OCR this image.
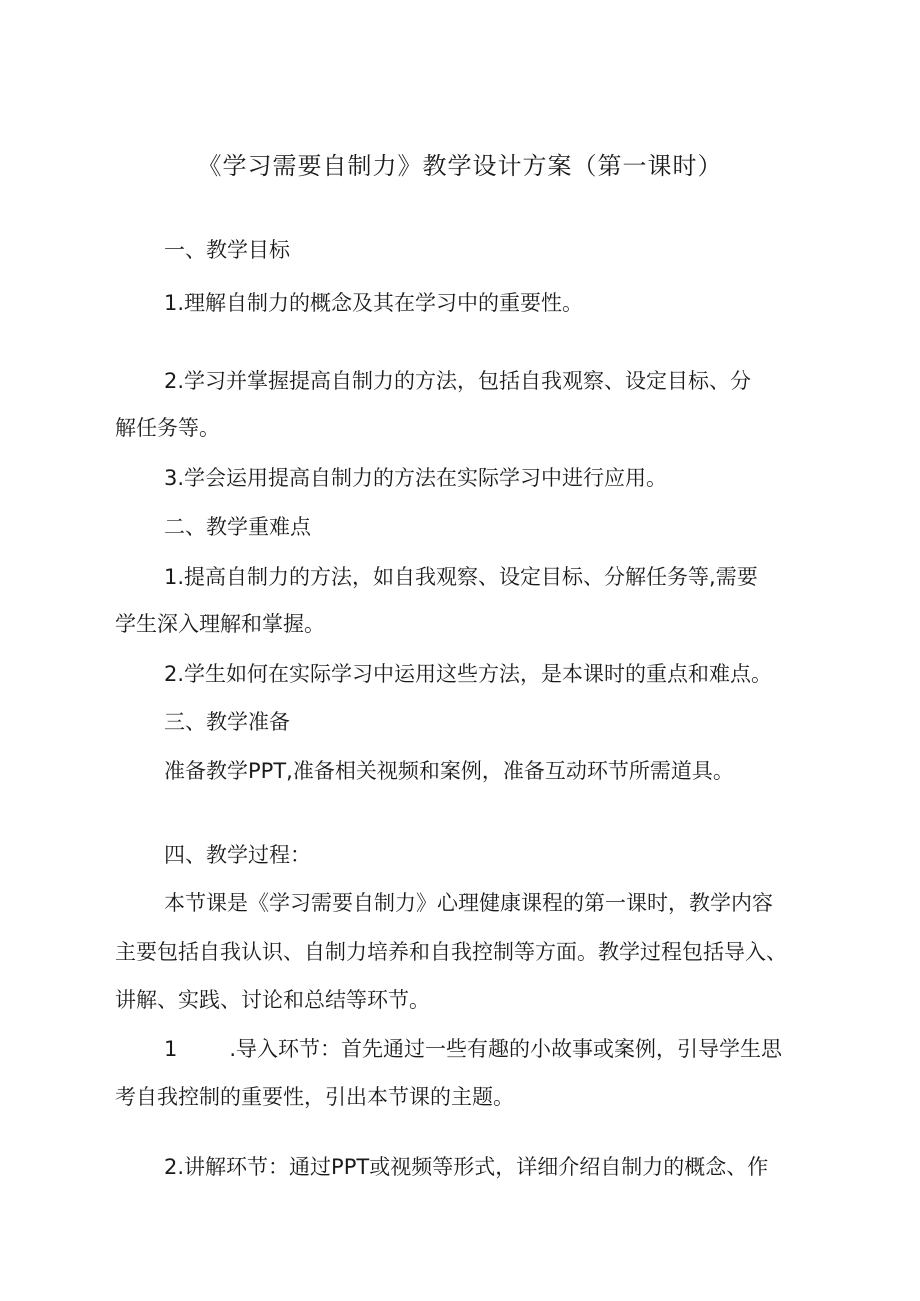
《学习需要自制力》教学设计方案（第一课时）
一、教学目标
1.理解自制力的概念及其在学习中的重要性。
2.学习并掌握提高自制力的方法，包括自我观察、设定目标、分
解任务等。
3.学会运用提高自制力的方法在实际学习中进行应用。
二、教学重难点
1.提高自制力的方法，如自我观察、设定目标、分解任务等,需要
学生深入理解和掌握。
2.学生如何在实际学习中运用这些方法，是本课时的重点和难点。
三、教学准备
准备教学PPT,准备相关视频和案例，准备互动环节所需道具。
四、教学过程：
本节课是《学习需要自制力》心理健康课程的第一课时，教学内容
主要包括自我认识、自制力培养和自我控制等方面。教学过程包括导入、
讲解、实践、讨论和总结等环节。
1 .导入环节：首先通过一些有趣的小故事或案例，引导学生思
考自我控制的重要性，引出本节课的主题。
2.讲解环节：通过PPT或视频等形式，详细介绍自制力的概念、作
